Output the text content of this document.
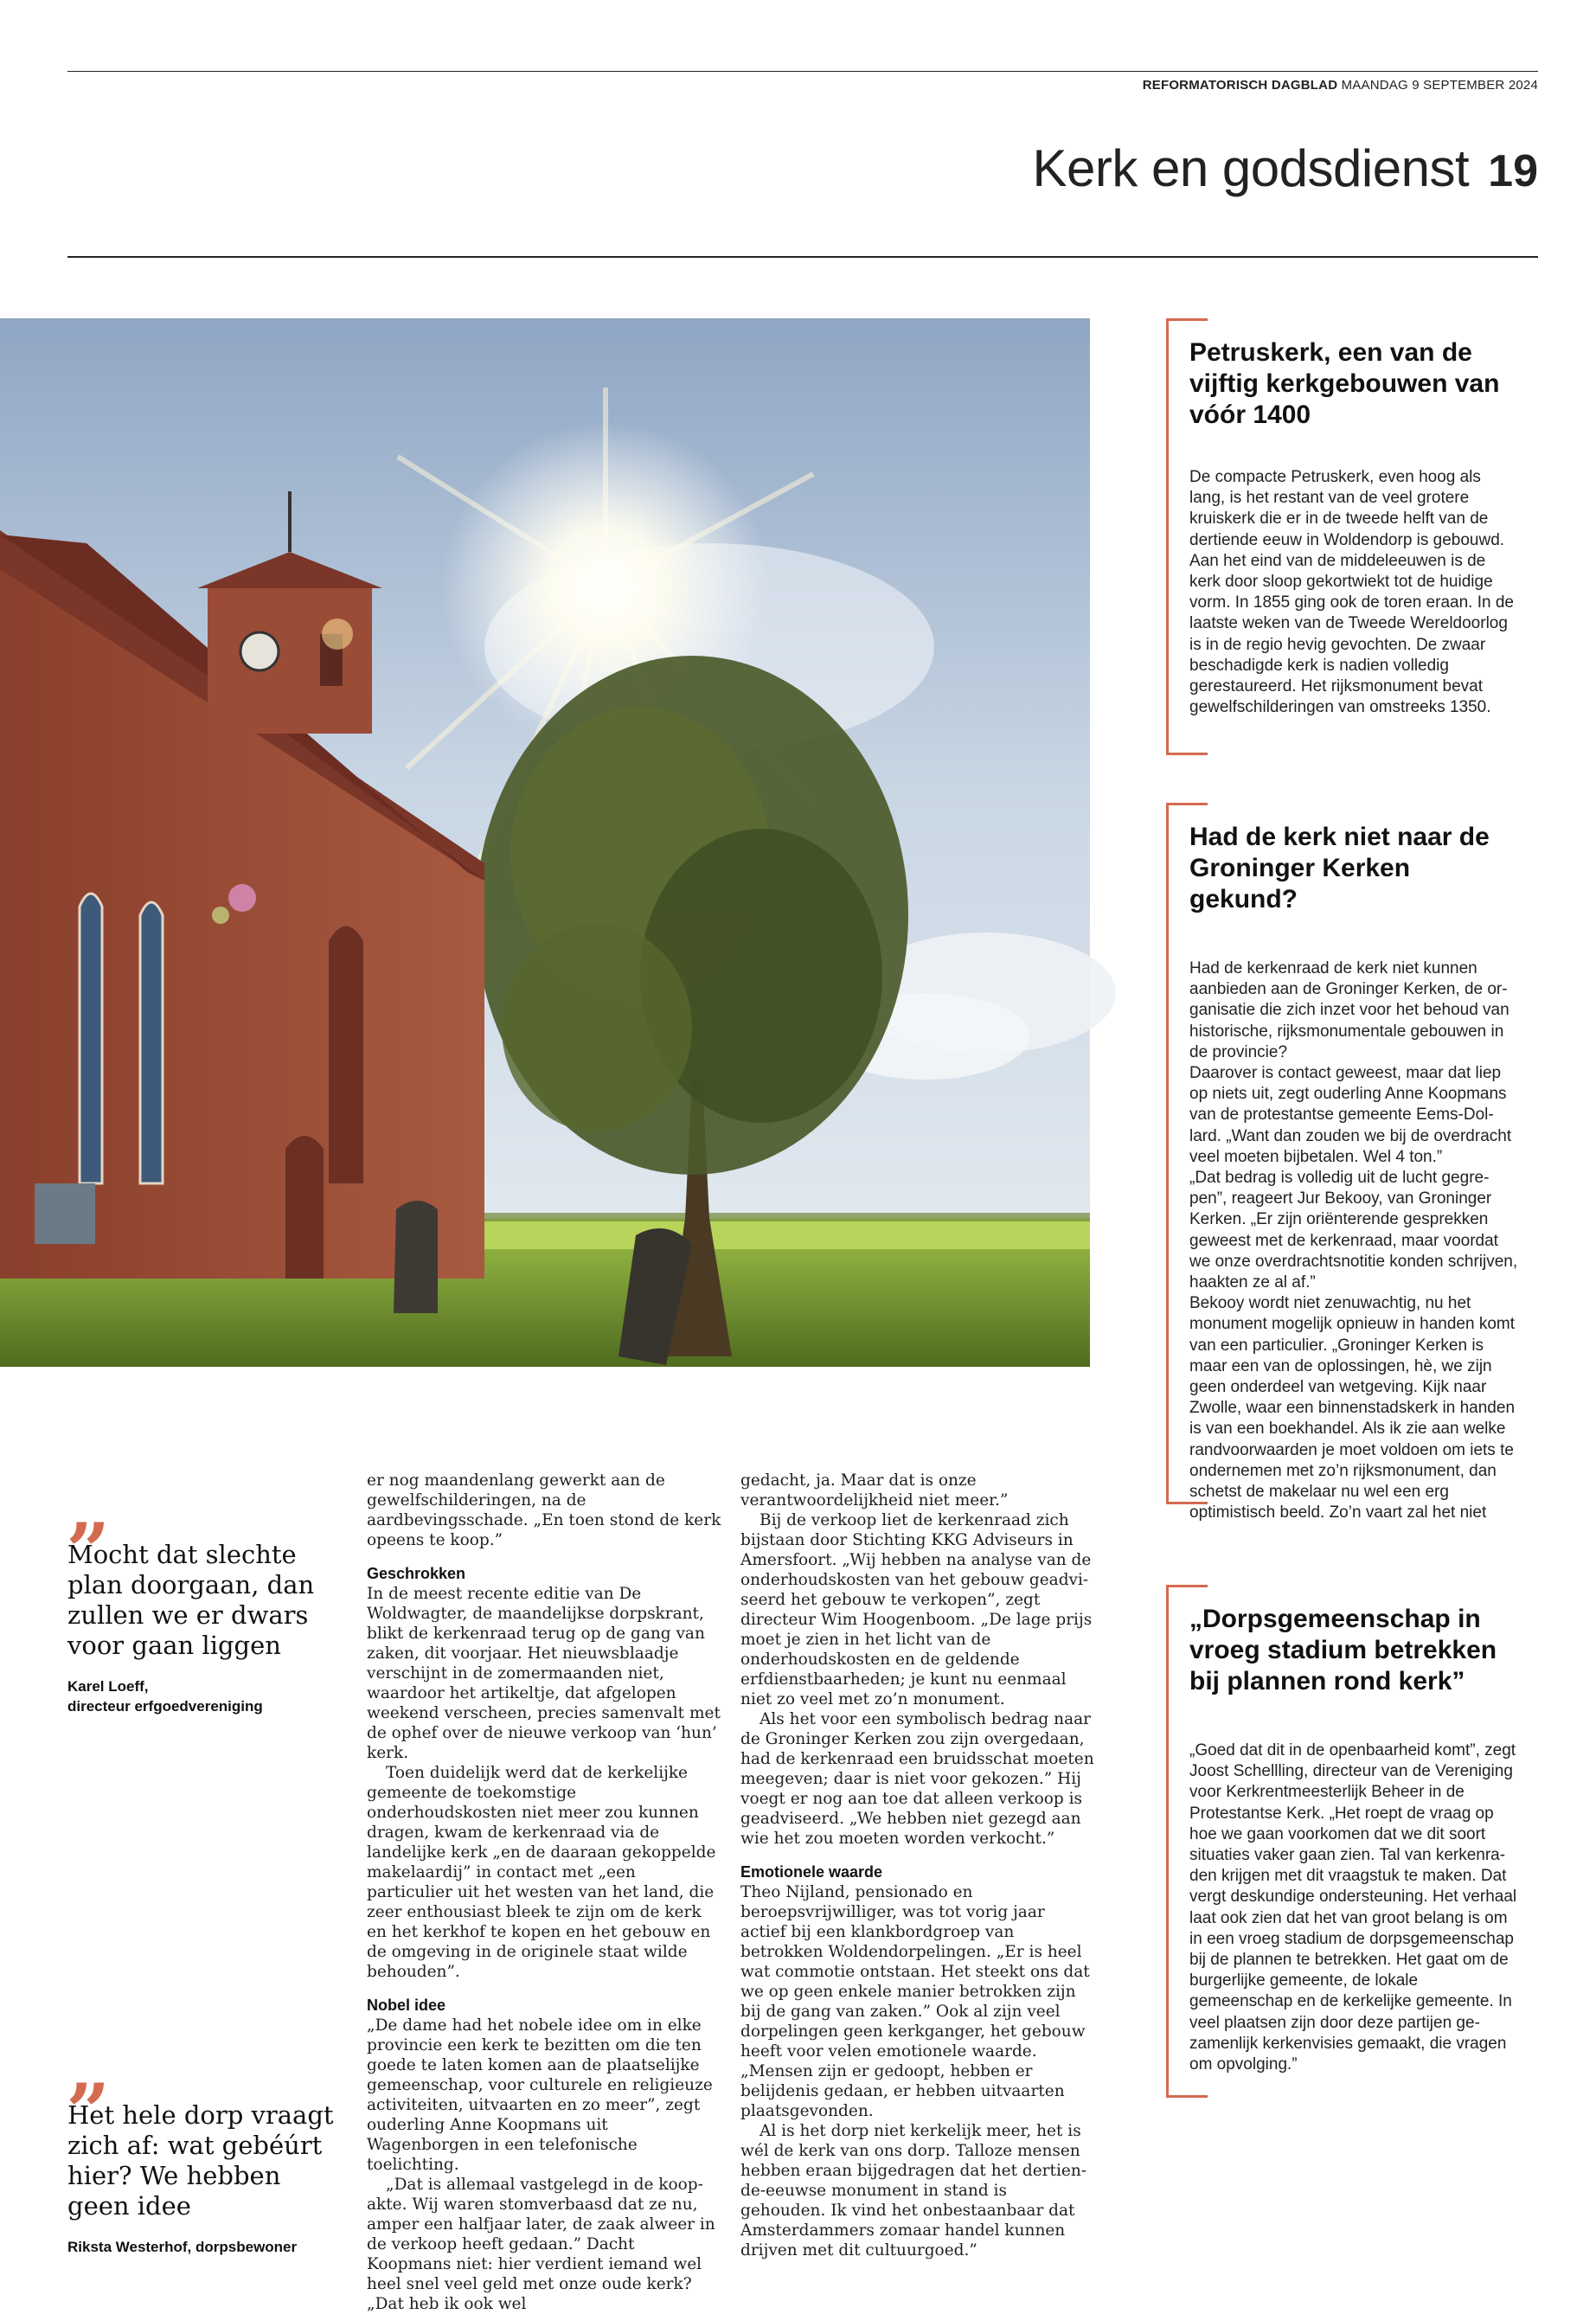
REFORMATORISCH DAGBLAD MAANDAG 9 SEPTEMBER 2024
Kerk en godsdienst 19
Petruskerk, een van de vijftig kerkgebouwen van vóór 1400

De compacte Petruskerk, even hoog als lang, is het restant van de veel grotere kruiskerk die er in de tweede helft van de dertiende eeuw in Woldendorp is gebouwd. Aan het eind van de middeleeuwen is de kerk door sloop gekortwiekt tot de huidige vorm. In 1855 ging ook de toren eraan. In de laatste weken van de Tweede Wereldoorlog is in de regio hevig gevochten. De zwaar beschadigde kerk is nadien volledig gerestaureerd. Het rijksmonument bevat gewelfschilderingen van omstreeks 1350.

Had de kerk niet naar de Groninger Kerken gekund?

Had de kerkenraad de kerk niet kunnen aanbieden aan de Groninger Kerken, de organisatie die zich inzet voor het behoud van historische, rijksmonumentale gebouwen in de provincie?
Daarover is contact geweest, maar dat liep op niets uit, zegt ouderling Anne Koopmans van de protestantse gemeente Eems-Dollard. „Want dan zouden we bij de overdracht veel moeten bijbetalen. Wel 4 ton.”
„Dat bedrag is volledig uit de lucht gegrepen”, reageert Jur Bekooy, van Groninger Kerken. „Er zijn oriënterende gesprekken geweest met de kerkenraad, maar voordat we onze overdrachtsnotitie konden schrijven, haakten ze al af.”
Bekooy wordt niet zenuwachtig, nu het monument mogelijk opnieuw in handen komt van een particulier. „Groninger Kerken is maar een van de oplossingen, hè, we zijn geen onderdeel van wetgeving. Kijk naar Zwolle, waar een binnenstadskerk in handen is van een boekhandel. Als ik zie aan welke randvoorwaarden je moet voldoen om iets te ondernemen met zo’n rijksmonument, dan schetst de makelaar nu wel een erg optimistisch beeld. Zo’n vaart zal het niet

„Dorpsgemeenschap in vroeg stadium betrekken bij plannen rond kerk”

„Goed dat dit in de openbaarheid komt”, zegt Joost Schellling, directeur van de Vereniging voor Kerkrentmeesterlijk Beheer in de Protestantse Kerk. „Het roept de vraag op hoe we gaan voorkomen dat we dit soort situaties vaker gaan zien. Tal van kerkenraden krijgen met dit vraagstuk te maken. Dat vergt deskundige ondersteuning. Het verhaal laat ook zien dat het van groot belang is om in een vroeg stadium de dorpsgemeenschap bij de plannen te betrekken. Het gaat om de burgerlijke gemeente, de lokale gemeenschap en de kerkelijke gemeente. In veel plaatsen zijn door deze partijen gezamenlijk kerkenvisies gemaakt, die vragen om opvolging.”

„
Mocht dat slechte plan doorgaan, dan zullen we er dwars voor gaan liggen
Karel Loeff,
directeur erfgoedvereniging
„
Het hele dorp vraagt zich af: wat gebéúrt hier? We hebben geen idee
Riksta Westerhof, dorpsbewoner

er nog maandenlang gewerkt aan de gewelfschilderingen, na de aardbevingsschade. „En toen stond de kerk opeens te koop.”

Geschrokken

In de meest recente editie van De Woldwagter, de maandelijkse dorpskrant, blikt de kerkenraad terug op de gang van zaken, dit voorjaar. Het nieuwsblaadje verschijnt in de zomermaanden niet, waardoor het artikeltje, dat afgelopen weekend verscheen, precies samenvalt met de ophef over de nieuwe verkoop van ‘hun’ kerk.

Toen duidelijk werd dat de kerkelijke gemeente de toekomstige onderhoudskosten niet meer zou kunnen dragen, kwam de kerkenraad via de landelijke kerk „en de daaraan gekoppelde makelaardij” in contact met „een particulier uit het westen van het land, die zeer enthousiast bleek te zijn om de kerk en het kerkhof te kopen en het gebouw en de omgeving in de originele staat wilde behouden”.

Nobel idee

„De dame had het nobele idee om in elke provincie een kerk te bezitten om die ten goede te laten komen aan de plaatselijke gemeenschap, voor culturele en religieuze activiteiten, uitvaarten en zo meer”, zegt ouderling Anne Koopmans uit Wagenborgen in een telefonische toelichting.

„Dat is allemaal vastgelegd in de koopakte. Wij waren stomverbaasd dat ze nu, amper een halfjaar later, de zaak alweer in de verkoop heeft gedaan.” Dacht Koopmans niet: hier verdient iemand wel heel snel veel geld met onze oude kerk? „Dat heb ik ook wel

gedacht, ja. Maar dat is onze verantwoordelijkheid niet meer.”

Bij de verkoop liet de kerkenraad zich bijstaan door Stichting KKG Adviseurs in Amersfoort. „Wij hebben na analyse van de onderhoudskosten van het gebouw geadviseerd het gebouw te verkopen”, zegt directeur Wim Hoogenboom. „De lage prijs moet je zien in het licht van de onderhoudskosten en de geldende erfdienstbaarheden; je kunt nu eenmaal niet zo veel met zo’n monument.

Als het voor een symbolisch bedrag naar de Groninger Kerken zou zijn overgedaan, had de kerkenraad een bruidsschat moeten meegeven; daar is niet voor gekozen.” Hij voegt er nog aan toe dat alleen verkoop is geadviseerd. „We hebben niet gezegd aan wie het zou moeten worden verkocht.”

Emotionele waarde

Theo Nijland, pensionado en beroepsvrijwilliger, was tot vorig jaar actief bij een klankbordgroep van betrokken Woldendorpelingen. „Er is heel wat commotie ontstaan. Het steekt ons dat we op geen enkele manier betrokken zijn bij de gang van zaken.” Ook al zijn veel dorpelingen geen kerkganger, het gebouw heeft voor velen emotionele waarde. „Mensen zijn er gedoopt, hebben er belijdenis gedaan, er hebben uitvaarten plaatsgevonden.

Al is het dorp niet kerkelijk meer, het is wél de kerk van ons dorp. Talloze mensen hebben eraan bijgedragen dat het dertiende-eeuwse monument in stand is gehouden. Ik vind het onbestaanbaar dat Amsterdammers zomaar handel kunnen drijven met dit cultuurgoed.”
